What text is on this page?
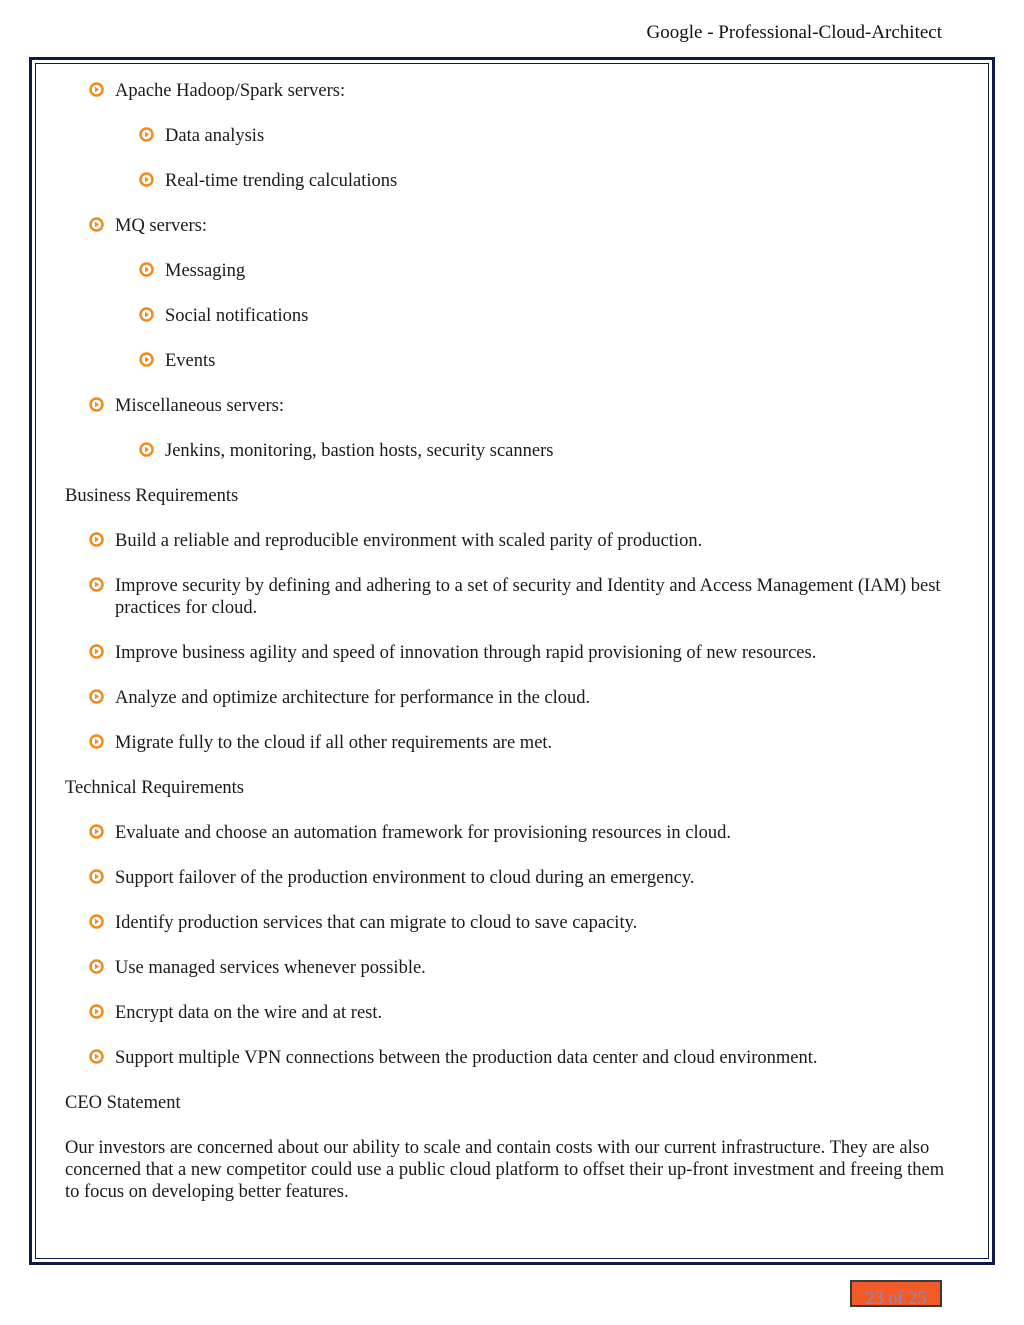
Google - Professional-Cloud-Architect
Apache Hadoop/Spark servers:
Data analysis
Real-time trending calculations
MQ servers:
Messaging
Social notifications
Events
Miscellaneous servers:
Jenkins, monitoring, bastion hosts, security scanners
Business Requirements
Build a reliable and reproducible environment with scaled parity of production.
Improve security by defining and adhering to a set of security and Identity and Access Management (IAM) best practices for cloud.
Improve business agility and speed of innovation through rapid provisioning of new resources.
Analyze and optimize architecture for performance in the cloud.
Migrate fully to the cloud if all other requirements are met.
Technical Requirements
Evaluate and choose an automation framework for provisioning resources in cloud.
Support failover of the production environment to cloud during an emergency.
Identify production services that can migrate to cloud to save capacity.
Use managed services whenever possible.
Encrypt data on the wire and at rest.
Support multiple VPN connections between the production data center and cloud environment.
CEO Statement
Our investors are concerned about our ability to scale and contain costs with our current infrastructure. They are also concerned that a new competitor could use a public cloud platform to offset their up-front investment and freeing them to focus on developing better features.
23 of 25
